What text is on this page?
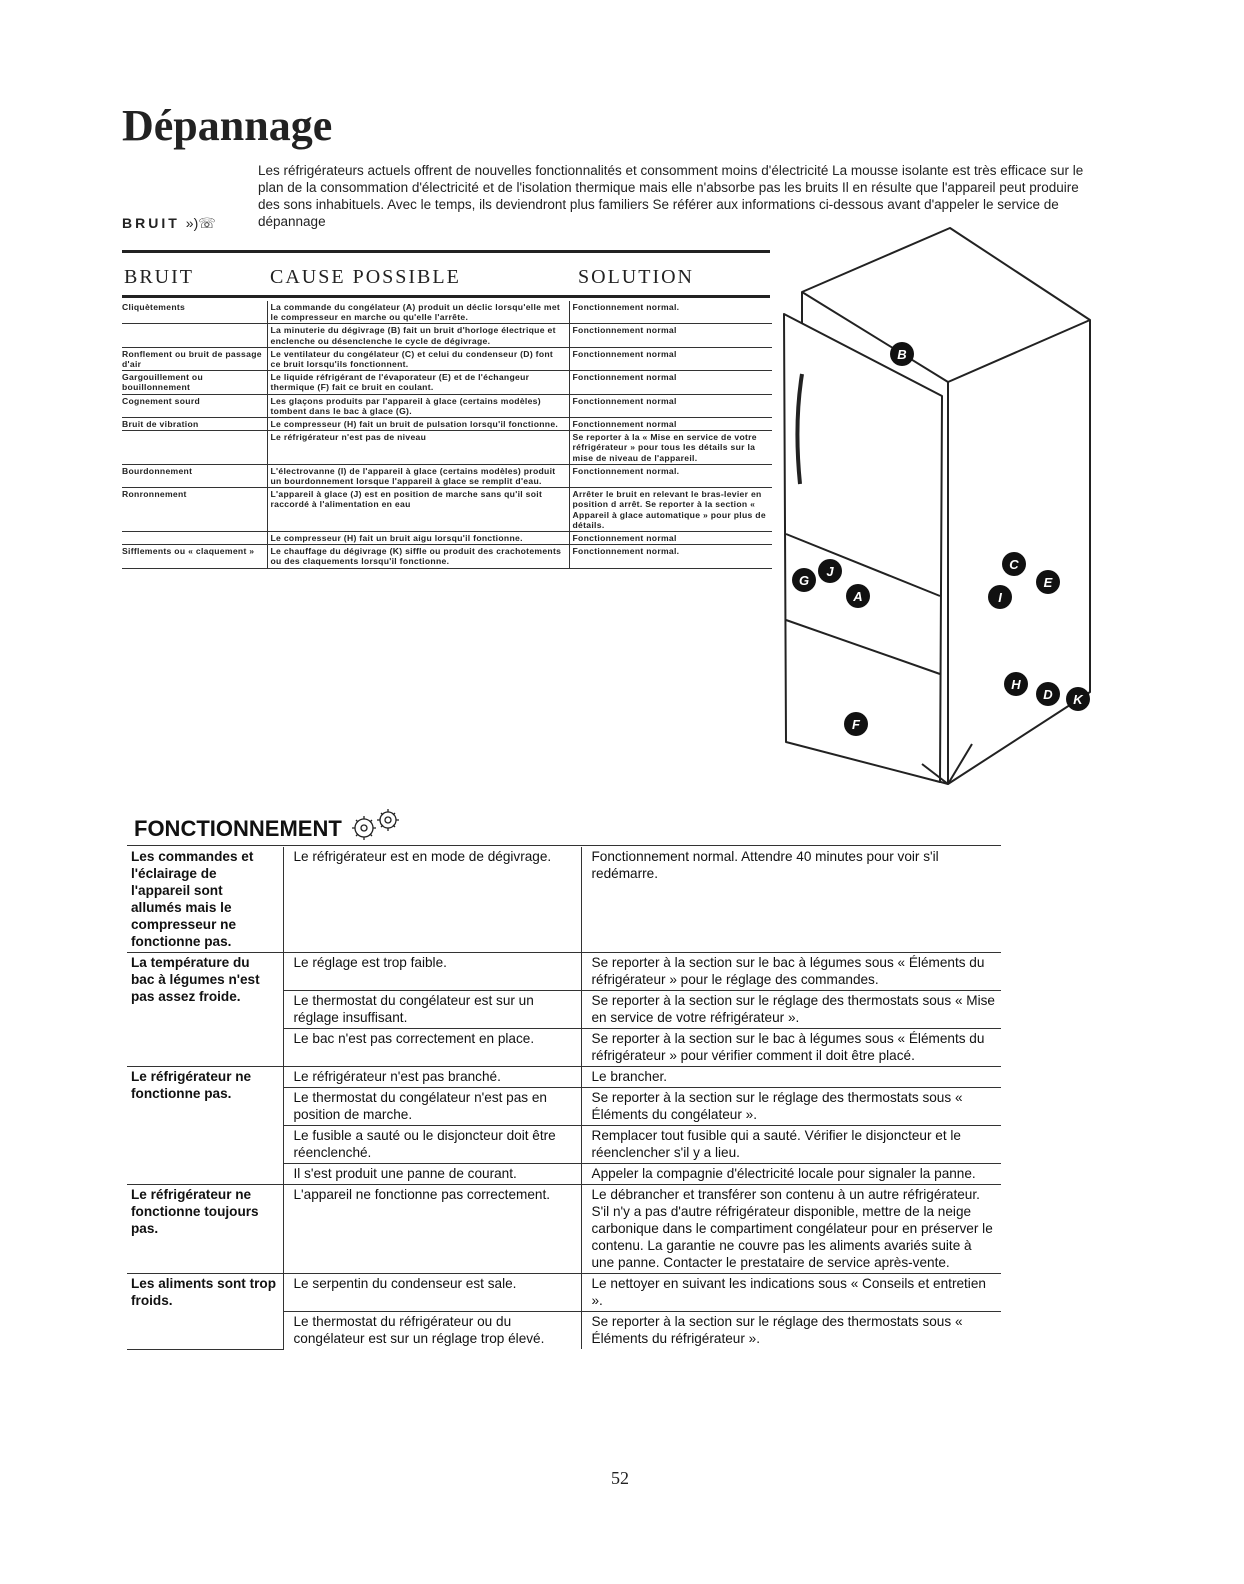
Dépannage
Les réfrigérateurs actuels offrent de nouvelles fonctionnalités et consomment moins d'électricité La mousse isolante est très efficace sur le plan de la consommation d'électricité et de l'isolation thermique mais elle n'absorbe pas les bruits Il en résulte que l'appareil peut produire des sons inhabituels. Avec le temps, ils deviendront plus familiers Se référer aux informations ci-dessous avant d'appeler le service de dépannage
BRUIT »)☏
BRUIT	CAUSE POSSIBLE	SOLUTION
Cliquètements	La commande du congélateur (A) produit un déclic lorsqu'elle met le compresseur en marche ou qu'elle l'arrête.	Fonctionnement normal.
	La minuterie du dégivrage (B) fait un bruit d'horloge électrique et enclenche ou désenclenche le cycle de dégivrage.	Fonctionnement normal
Ronflement ou bruit de passage d'air	Le ventilateur du congélateur (C) et celui du condenseur (D) font ce bruit lorsqu'ils fonctionnent.	Fonctionnement normal
Gargouillement ou bouillonnement	Le liquide réfrigérant de l'évaporateur (E) et de l'échangeur thermique (F) fait ce bruit en coulant.	Fonctionnement normal
Cognement sourd	Les glaçons produits par l'appareil à glace (certains modèles) tombent dans le bac à glace (G).	Fonctionnement normal
Bruit de vibration	Le compresseur (H) fait un bruit de pulsation lorsqu'il fonctionne.	Fonctionnement normal
	Le réfrigérateur n'est pas de niveau	Se reporter à la « Mise en service de votre réfrigérateur » pour tous les détails sur la mise de niveau de l'appareil.
Bourdonnement	L'électrovanne (I) de l'appareil à glace (certains modèles) produit un bourdonnement lorsque l'appareil à glace se remplit d'eau.	Fonctionnement normal.
Ronronnement	L'appareil à glace (J) est en position de marche sans qu'il soit raccordé à l'alimentation en eau	Arrêter le bruit en relevant le bras-levier en position d arrêt. Se reporter à la section « Appareil à glace automatique » pour plus de détails.
	Le compresseur (H) fait un bruit aigu lorsqu'il fonctionne.	Fonctionnement normal
Sifflements ou « claquement »	Le chauffage du dégivrage (K) siffle ou produit des crachotements ou des claquements lorsqu'il fonctionne.	Fonctionnement normal.
B
C
G
J
E
A	I
H
D K
F
FONCTIONNEMENT
Les commandes et l'éclairage de l'appareil sont allumés mais le compresseur ne fonctionne pas.	Le réfrigérateur est en mode de dégivrage.	Fonctionnement normal. Attendre 40 minutes pour voir s'il redémarre.
La température du bac à légumes n'est pas assez froide.	Le réglage est trop faible.	Se reporter à la section sur le bac à légumes sous « Éléments du réfrigérateur » pour le réglage des commandes.
	Le thermostat du congélateur est sur un réglage insuffisant.	Se reporter à la section sur le réglage des thermostats sous « Mise en service de votre réfrigérateur ».
	Le bac n'est pas correctement en place.	Se reporter à la section sur le bac à légumes sous « Éléments du réfrigérateur » pour vérifier comment il doit être placé.
Le réfrigérateur ne fonctionne pas.	Le réfrigérateur n'est pas branché.	Le brancher.
	Le thermostat du congélateur n'est pas en position de marche.	Se reporter à la section sur le réglage des thermostats sous « Éléments du congélateur ».
	Le fusible a sauté ou le disjoncteur doit être réenclenché.	Remplacer tout fusible qui a sauté. Vérifier le disjoncteur et le réenclencher s'il y a lieu.
	Il s'est produit une panne de courant.	Appeler la compagnie d'électricité locale pour signaler la panne.
Le réfrigérateur ne fonctionne toujours pas.	L'appareil ne fonctionne pas correctement.	Le débrancher et transférer son contenu à un autre réfrigérateur. S'il n'y a pas d'autre réfrigérateur disponible, mettre de la neige carbonique dans le compartiment congélateur pour en préserver le contenu. La garantie ne couvre pas les aliments avariés suite à une panne. Contacter le prestataire de service après-vente.
Les aliments sont trop froids.	Le serpentin du condenseur est sale.	Le nettoyer en suivant les indications sous « Conseils et entretien ».
	Le thermostat du réfrigérateur ou du congélateur est sur un réglage trop élevé.	Se reporter à la section sur le réglage des thermostats sous « Éléments du réfrigérateur ».
52
